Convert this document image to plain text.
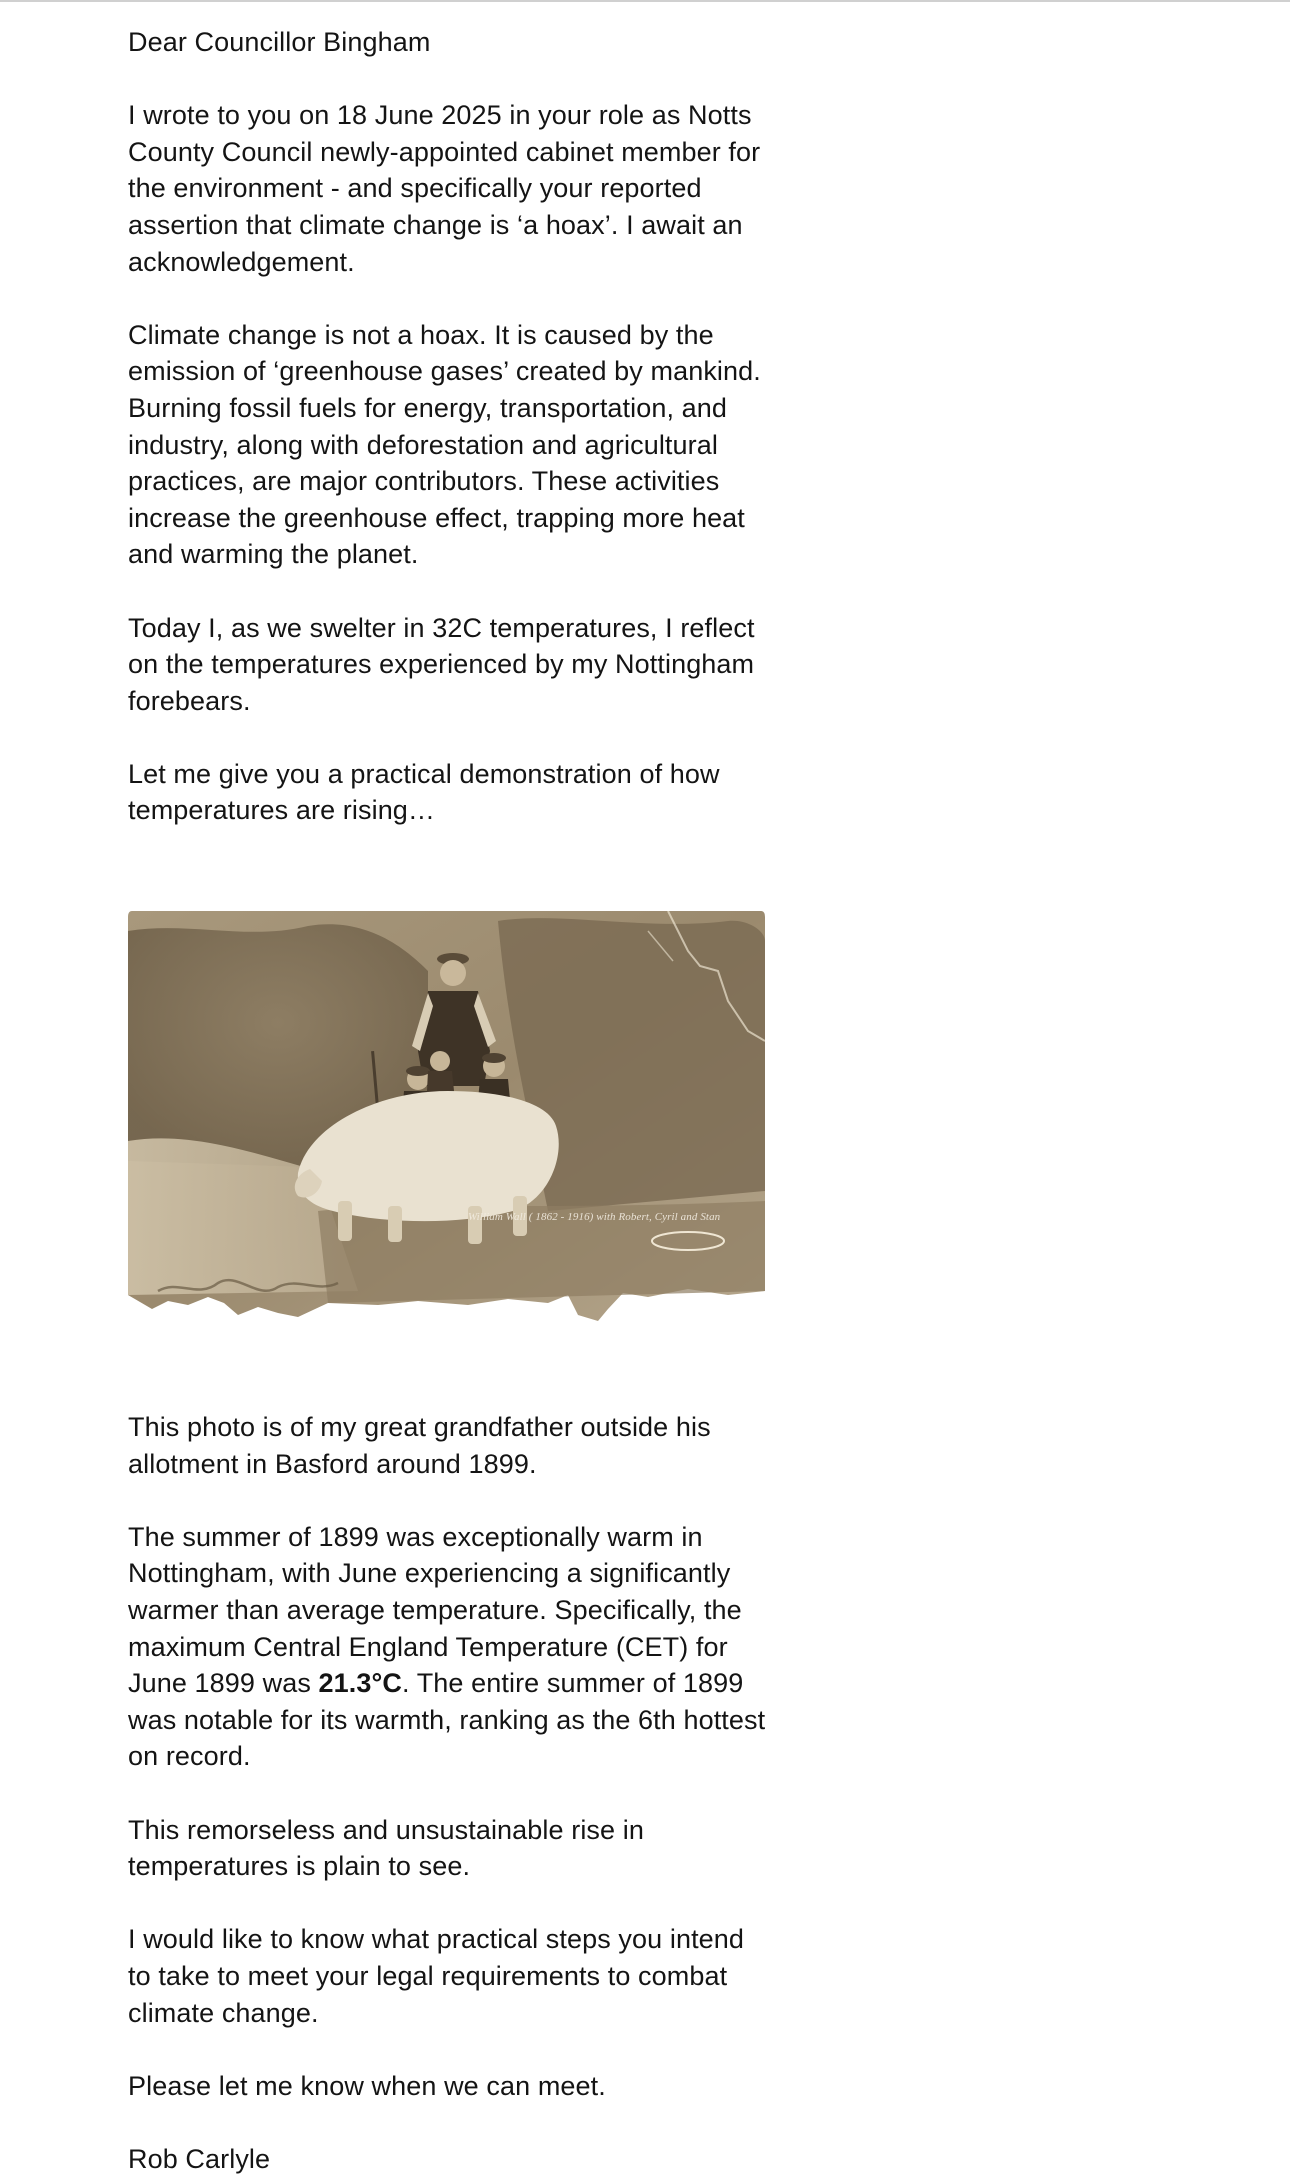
Dear Councillor Bingham

I wrote to you on 18 June 2025 in your role as Notts County Council newly-appointed cabinet member for the environment - and specifically your reported assertion that climate change is ‘a hoax’. I await an acknowledgement.

Climate change is not a hoax. It is caused by the emission of ‘greenhouse gases’ created by mankind. Burning fossil fuels for energy, transportation, and industry, along with deforestation and agricultural practices, are major contributors. These activities increase the greenhouse effect, trapping more heat and warming the planet.

Today I, as we swelter in 32C temperatures, I reflect on the temperatures experienced by my Nottingham forebears.

Let me give you a practical demonstration of how temperatures are rising…

William Wall ( 1862 - 1916) with Robert, Cyril and Stan

This photo is of my great grandfather outside his allotment in Basford around 1899.

The summer of 1899 was exceptionally warm in Nottingham, with June experiencing a significantly warmer than average temperature. Specifically, the maximum Central England Temperature (CET) for June 1899 was 21.3°C. The entire summer of 1899 was notable for its warmth, ranking as the 6th hottest on record.

This remorseless and unsustainable rise in temperatures is plain to see.

I would like to know what practical steps you intend to take to meet your legal requirements to combat climate change.

Please let me know when we can meet.

Rob Carlyle
